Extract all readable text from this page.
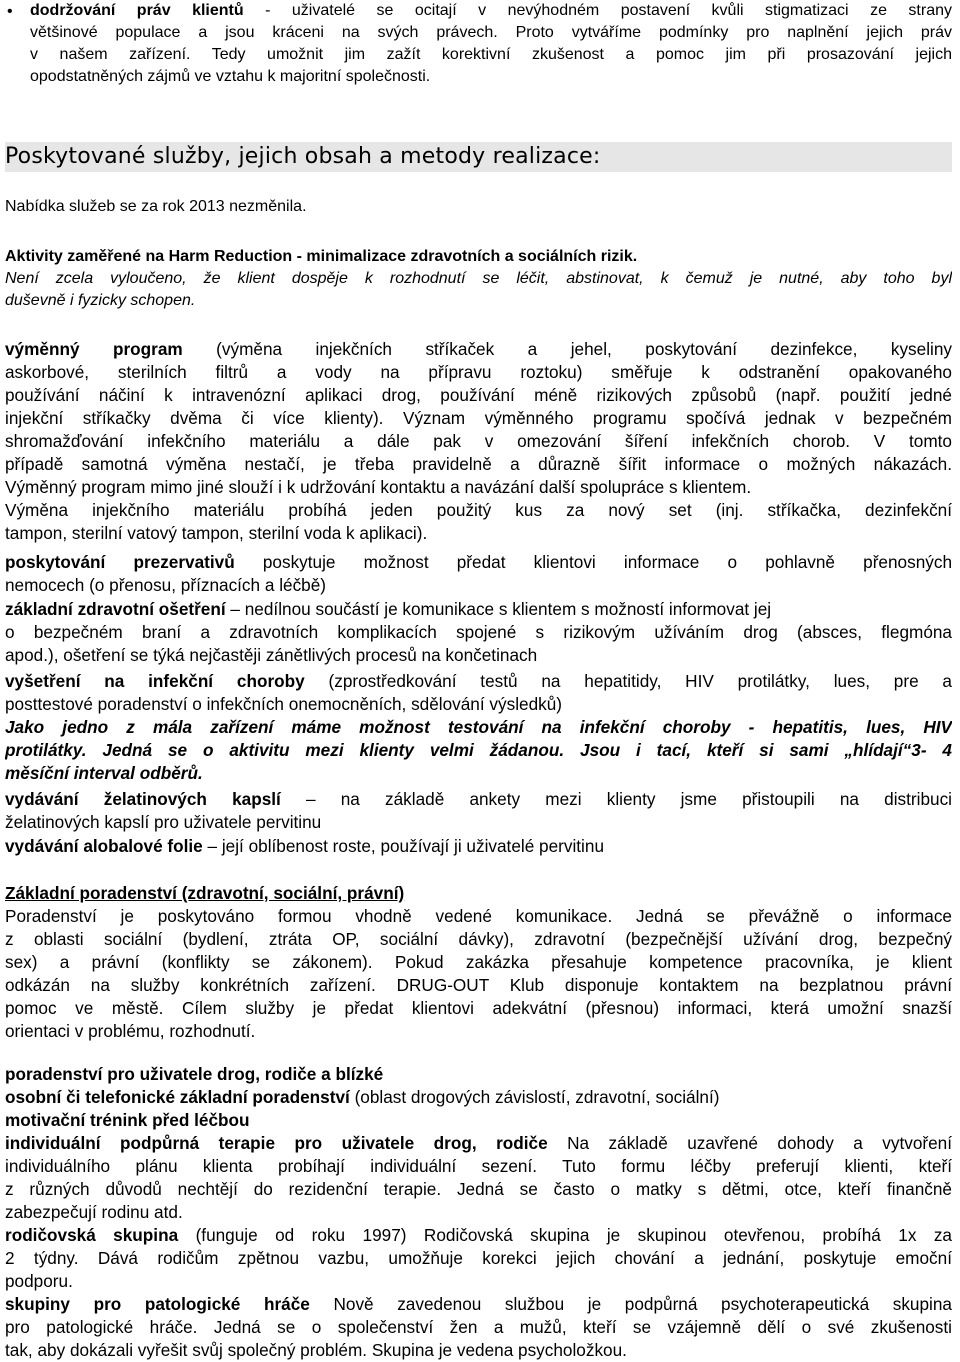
• dodržování práv klientů - uživatelé se ocitají v nevýhodném postavení kvůli stigmatizaci ze strany
většinové populace a jsou kráceni na svých právech. Proto vytváříme podmínky pro naplnění jejich práv
v našem zařízení. Tedy umožnit jim zažít korektivní zkušenost a pomoc jim při prosazování jejich
opodstatněných zájmů ve vztahu k majoritní společnosti.
Poskytované služby, jejich obsah a metody realizace:
Nabídka služeb se za rok 2013 nezměnila.
Aktivity zaměřené na Harm Reduction - minimalizace zdravotních a sociálních rizik.
Není zcela vyloučeno, že klient dospěje k rozhodnutí se léčit, abstinovat, k čemuž je nutné, aby toho byl
duševně i fyzicky schopen.
výměnný program (výměna injekčních stříkaček a jehel, poskytování dezinfekce, kyseliny
askorbové, sterilních filtrů a vody na přípravu roztoku) směřuje k odstranění opakovaného
používání náčiní k intravenózní aplikaci drog, používání méně rizikových způsobů (např. použití jedné
injekční stříkačky dvěma či více klienty). Význam výměnného programu spočívá jednak v bezpečném
shromažďování infekčního materiálu a dále pak v omezování šíření infekčních chorob. V tomto
případě samotná výměna nestačí, je třeba pravidelně a důrazně šířit informace o možných nákazách.
Výměnný program mimo jiné slouží i k udržování kontaktu a navázání další spolupráce s klientem.
Výměna injekčního materiálu probíhá jeden použitý kus za nový set (inj. stříkačka, dezinfekční
tampon, sterilní vatový tampon, sterilní voda k aplikaci).
poskytování prezervativů poskytuje možnost předat klientovi informace o pohlavně přenosných
nemocech (o přenosu, příznacích a léčbě)
základní zdravotní ošetření – nedílnou součástí je komunikace s klientem s možností informovat jej
o bezpečném braní a zdravotních komplikacích spojené s rizikovým užíváním drog (absces, flegmóna
apod.), ošetření se týká nejčastěji zánětlivých procesů na končetinach
vyšetření na infekční choroby (zprostředkování testů na hepatitidy, HIV protilátky, lues, pre a
posttestové poradenství o infekčních onemocněních, sdělování výsledků)
Jako jedno z mála zařízení máme možnost testování na infekční choroby - hepatitis, lues, HIV
protilátky. Jedná se o aktivitu mezi klienty velmi žádanou. Jsou i tací, kteří si sami „hlídají“3- 4
měsíční interval odběrů.
vydávání želatinových kapslí – na základě ankety mezi klienty jsme přistoupili na distribuci
želatinových kapslí pro uživatele pervitinu
vydávání alobalové folie – její oblíbenost roste, používají ji uživatelé pervitinu
Základní poradenství (zdravotní, sociální, právní)
Poradenství je poskytováno formou vhodně vedené komunikace. Jedná se převážně o informace
z oblasti sociální (bydlení, ztráta OP, sociální dávky), zdravotní (bezpečnější užívání drog, bezpečný
sex) a právní (konflikty se zákonem). Pokud zakázka přesahuje kompetence pracovníka, je klient
odkázán na služby konkrétních zařízení. DRUG-OUT Klub disponuje kontaktem na bezplatnou právní
pomoc ve městě. Cílem služby je předat klientovi adekvátní (přesnou) informaci, která umožní snazší
orientaci v problému, rozhodnutí.
poradenství pro uživatele drog, rodiče a blízké
osobní či telefonické základní poradenství (oblast drogových závislostí, zdravotní, sociální)
motivační trénink před léčbou
individuální podpůrná terapie pro uživatele drog, rodiče Na základě uzavřené dohody a vytvoření
individuálního plánu klienta probíhají individuální sezení. Tuto formu léčby preferují klienti, kteří
z různých důvodů nechtějí do rezidenční terapie. Jedná se často o matky s dětmi, otce, kteří finančně
zabezpečují rodinu atd.
rodičovská skupina (funguje od roku 1997) Rodičovská skupina je skupinou otevřenou, probíhá 1x za
2 týdny. Dává rodičům zpětnou vazbu, umožňuje korekci jejich chování a jednání, poskytuje emoční
podporu.
skupiny pro patologické hráče Nově zavedenou službou je podpůrná psychoterapeutická skupina
pro patologické hráče. Jedná se o společenství žen a mužů, kteří se vzájemně dělí o své zkušenosti
tak, aby dokázali vyřešit svůj společný problém. Skupina je vedena psycholožkou.
